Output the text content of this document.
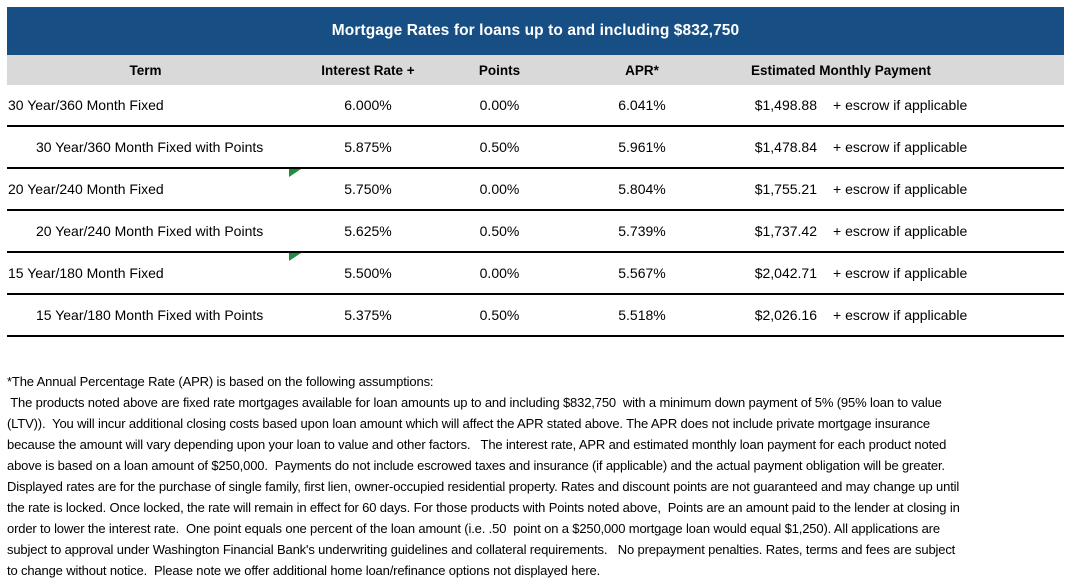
Mortgage Rates for loans up to and including $832,750
Term	Interest Rate +	Points	APR*	Estimated Monthly Payment
30 Year/360 Month Fixed	6.000%	0.00%	6.041%	$1,498.88 + escrow if applicable
30 Year/360 Month Fixed with Points	5.875%	0.50%	5.961%	$1,478.84 + escrow if applicable
20 Year/240 Month Fixed	5.750%	0.00%	5.804%	$1,755.21 + escrow if applicable
20 Year/240 Month Fixed with Points	5.625%	0.50%	5.739%	$1,737.42 + escrow if applicable
15 Year/180 Month Fixed	5.500%	0.00%	5.567%	$2,042.71 + escrow if applicable
15 Year/180 Month Fixed with Points	5.375%	0.50%	5.518%	$2,026.16 + escrow if applicable
*The Annual Percentage Rate (APR) is based on the following assumptions:
The products noted above are fixed rate mortgages available for loan amounts up to and including $832,750  with a minimum down payment of 5% (95% loan to value
(LTV)).  You will incur additional closing costs based upon loan amount which will affect the APR stated above. The APR does not include private mortgage insurance
because the amount will vary depending upon your loan to value and other factors.   The interest rate, APR and estimated monthly loan payment for each product noted
above is based on a loan amount of $250,000.  Payments do not include escrowed taxes and insurance (if applicable) and the actual payment obligation will be greater.
Displayed rates are for the purchase of single family, first lien, owner-occupied residential property. Rates and discount points are not guaranteed and may change up until
the rate is locked. Once locked, the rate will remain in effect for 60 days. For those products with Points noted above,  Points are an amount paid to the lender at closing in
order to lower the interest rate.  One point equals one percent of the loan amount (i.e. .50  point on a $250,000 mortgage loan would equal $1,250). All applications are
subject to approval under Washington Financial Bank's underwriting guidelines and collateral requirements.   No prepayment penalties. Rates, terms and fees are subject
to change without notice.  Please note we offer additional home loan/refinance options not displayed here.
